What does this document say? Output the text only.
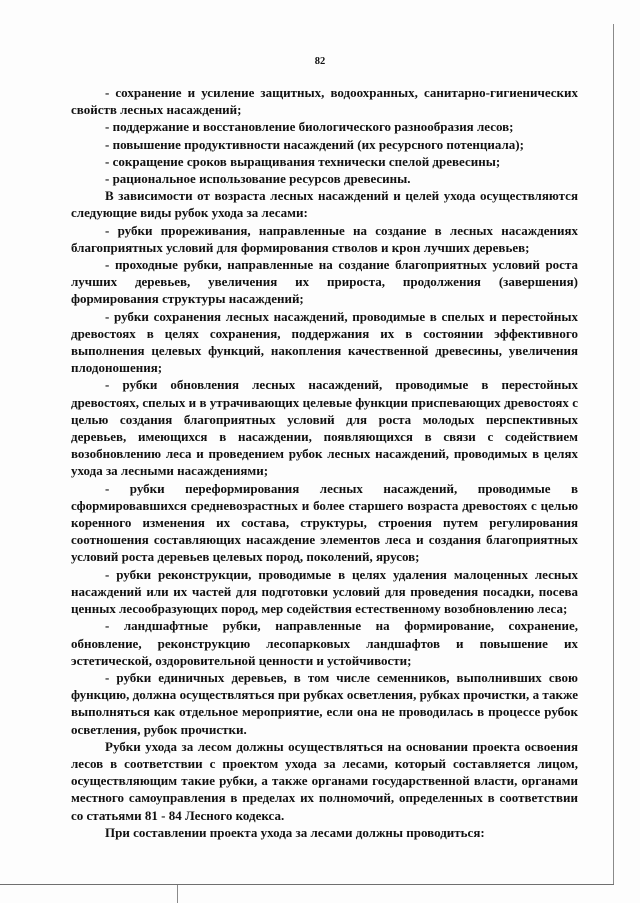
82

- сохранение и усиление защитных, водоохранных, санитарно-гигиенических свойств лесных насаждений;

- поддержание и восстановление биологического разнообразия лесов;

- повышение продуктивности насаждений (их ресурсного потенциала);

- сокращение сроков выращивания технически спелой древесины;

- рациональное использование ресурсов древесины.

В зависимости от возраста лесных насаждений и целей ухода осуществляются следующие виды рубок ухода за лесами:

- рубки прореживания, направленные на создание в лесных насаждениях благоприятных условий для формирования стволов и крон лучших деревьев;

- проходные рубки, направленные на создание благоприятных условий роста лучших деревьев, увеличения их прироста, продолжения (завершения) формирования структуры насаждений;

- рубки сохранения лесных насаждений, проводимые в спелых и перестойных древостоях в целях сохранения, поддержания их в состоянии эффективного выполнения целевых функций, накопления качественной древесины, увеличения плодоношения;

- рубки обновления лесных насаждений, проводимые в перестойных древостоях, спелых и в утрачивающих целевые функции приспевающих древостоях с целью создания благоприятных условий для роста молодых перспективных деревьев, имеющихся в насаждении, появляющихся в связи с содействием возобновлению леса и проведением рубок лесных насаждений, проводимых в целях ухода за лесными насаждениями;

- рубки переформирования лесных насаждений, проводимые в сформировавшихся средневозрастных и более старшего возраста древостоях с целью коренного изменения их состава, структуры, строения путем регулирования соотношения составляющих насаждение элементов леса и создания благоприятных условий роста деревьев целевых пород, поколений, ярусов;

- рубки реконструкции, проводимые в целях удаления малоценных лесных насаждений или их частей для подготовки условий для проведения посадки, посева ценных лесообразующих пород, мер содействия естественному возобновлению леса;

- ландшафтные рубки, направленные на формирование, сохранение, обновление, реконструкцию лесопарковых ландшафтов и повышение их эстетической, оздоровительной ценности и устойчивости;

- рубки единичных деревьев, в том числе семенников, выполнивших свою функцию, должна осуществляться при рубках осветления, рубках прочистки, а также выполняться как отдельное мероприятие, если она не проводилась в процессе рубок осветления, рубок прочистки.

Рубки ухода за лесом должны осуществляться на основании проекта освоения лесов в соответствии с проектом ухода за лесами, который составляется лицом, осуществляющим такие рубки, а также органами государственной власти, органами местного самоуправления в пределах их полномочий, определенных в соответствии со статьями 81 - 84 Лесного кодекса.

При составлении проекта ухода за лесами должны проводиться:
